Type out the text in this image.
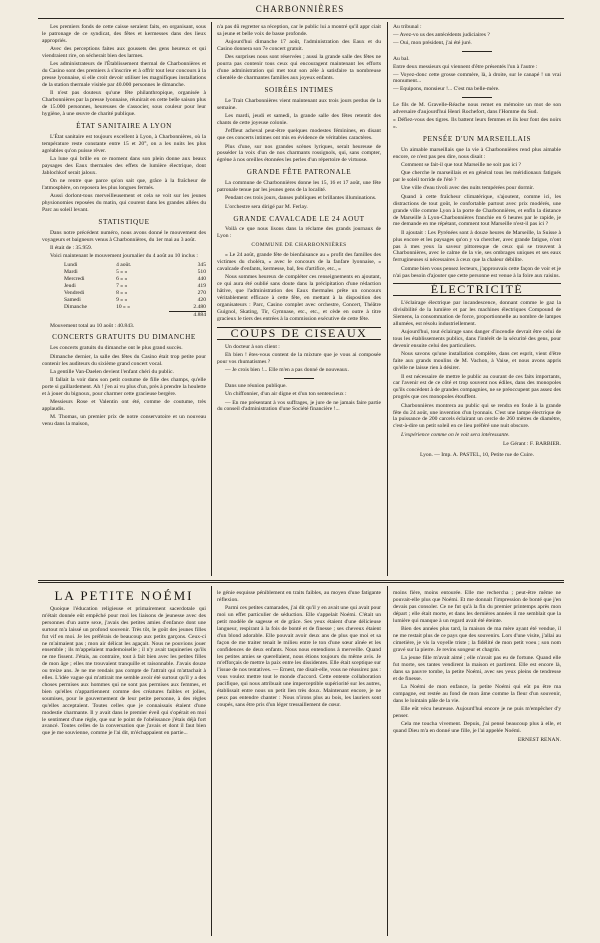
CHARBONNIÈRES

Les premiers fonds de cette caisse seraient faits, en organisant, sous le patronage de ce syndicat, des fêtes et kermesses dans des lieux appropriés.

Avec des perceptions faites aux goussets des gens heureux et qui viendraient rire, on sécherait bien des larmes.

Les administrateurs de l'Établissement thermal de Charbonnières et du Casino sont des premiers à s'inscrire et à offrir tout leur concours à la presse lyonnaise, si elle croit devoir utiliser les magnifiques installations de la station thermale visitée par 40.000 personnes le dimanche.

Il n'est pas douteux qu'une fête philanthropique, organisée à Charbonnières par la presse lyonnaise, réunirait en cette belle saison plus de 15.000 personnes, heureuses de s'associer, sous couleur pour leur hygiène, à une œuvre de charité publique.

ÉTAT SANITAIRE A LYON

L'État sanitaire est toujours excellent à Lyon, à Charbonnières, où la température reste constante entre 15 et 20°, on a les nuits les plus agréables qu'on puisse rêver.

La lune qui brille en ce moment dans son plein donne aux beaux paysages des Eaux thermales des effets de lumière électrique, dont Jablochkof serait jaloux.

On ne rentre que parce qu'on sait que, grâce à la fraîcheur de l'atmosphère, on reposera les plus longues fermés.

Aussi dorlont-tous merveilleusement et cela se voit sur les jeunes physionomies reposées du matin, qui courent dans les grandes allées du Parc au soleil levant.

STATISTIQUE

Dans notre précédent numéro, nous avons donné le mouvement des voyageurs et baigneurs venus à Charbonnières, du 1er mai au 3 août.

Il était de : 35.959.

Voici maintenant le mouvement journalier du 4 août au 10 inclus :

Lundi	4 août.	345
Mardi	5 » »	510
Mercredi	6 » »	440
Jeudi	7 » »	419
Vendredi	8 » »	270
Samedi	9 » »	420
Dimanche	10 » »	2.480
4.884

Mouvement total au 10 août : 40.843.

CONCERTS GRATUITS DU DIMANCHE

Les concerts gratuits du dimanche ont le plus grand succès.

Dimanche dernier, la salle des fêtes du Casino était trop petite pour contenir les auditeurs du sixième grand concert vocal.

La gentille Van-Daelen devient l'enfant chéri du public.

Il fallait la voir dans son petit costume de fille des champs, qu'elle porte si gaillardement. Ah ! j'en ai vu plus d'un, près à prendre la houlette et à jouer du bignoux, pour charmer cette gracieuse bergère.

Messieurs Rose et Valentin ont été, comme de coutume, très applaudis.

M. Thomas, un premier prix de notre conservatoire et un nouveau venu dans la maison,

n'a pas dû regretter sa réception, car le public lui a montré qu'il appr ciait sa jeune et belle voix de basse profonde.

Aujourd'hui dimanche 17 août, l'administration des Eaux et du Casino donnera son 7e concert gratuit.

Des surprises nous sont réservées ; aussi la grande salle des fêtes ne pourra pas contenir tous ceux qui encouragent maintenant les efforts d'une administration qui met tout son zèle à satisfaire ta nombreuse clientèle de charmantes familles aux joyeux enfants.

SOIRÉES INTIMES

Le Trait Charbonnières vient maintenant aux trois jours perdus de la semaine.

Les mardi, jeudi et samedi, la grande salle des fêtes retentit des chants de cette joyeuse colonie.

J'effleut acheval peut-être quelques modestes féminines, en disant que ces concerts intimes ont mis en évidence de véritables caractères.

Plus d'une, sur nos grandes scènes lyriques, serait heureuse de posséder la voix d'un de nos charmants rossignols, qui, sans compter, égrène à nos oreilles étonnées les perles d'un répertoire de virtuose.

GRANDE FÊTE PATRONALE

La commune de Charbonnières donne les 15, 16 et 17 août, une fête patronale tenue par les jeunes gens de la localité.

Pendant ces trois jours, danses publiques et brillantes illuminations.

L'orchestre sera dirigé par M. Ferlay.

GRANDE CAVALCADE LE 24 AOUT

Voilà ce que nous lisons dans la réclame des grands journaux de Lyon :

COMMUNE DE CHARBONNIÈRES

« Le 24 août, grande fête de bienfaisance au « profit des familles des victimes du choléra, « avec le concours de la fanfare lyonnaise, « cavalcade d'enfants, kermesse, bal, feu d'artifice, etc., »

Nous sommes heureux de compléter ces renseignements en ajoutant, ce qui aura été oublié sans doute dans la précipitation d'une rédaction hâtive, que l'administration des Eaux thermales prête un concours véritablement efficace à cette fête, en mettant à la disposition des organisateurs : Parc, Casino complet avec orchestre, Concert, Théâtre Guignol, Skating, Tir, Gymnase, etc., etc., et cède en outre à titre gracieux le tiers des entrées à la commission exécutive de cette fête.

COUPS DE CISEAUX

Un docteur à son client :

Eh bien ! êtes-vous content de la mixture que je vous ai composée pour vos rhumatismes ?

— Je crois bien !... Elle m'en a pas donné de nouveaux.

Dans une réunion publique.

Un chiffonnier, d'un air digne et d'un ton sentencieux :

— En me présentant à vos suffrages, je jure de ne jamais faire partie du conseil d'administration d'une Société financière !...

Au tribunal :

— Avez-vo us des antécédents judiciaires ?

— Oui, mon président, j'ai été juré.

Au bal.

Entre deux messieurs qui viennent d'être présentés l'un à l'autre :

— Voyez-donc cette grosse commère, là, à droite, sur le canapé ! un vrai monument...

— Equipons, monsieur !... C'est ma belle-mère.

Le fils de M. Gravelle-Réache nous remet en mémoire un mot de son adversaire d'aujourd'hui Henri Rochefort, dans l'Homme du Sud.

« Défiez-vous des tigres. Ils battent leurs femmes et ils leur font des noirs ».

PENSÉE D'UN MARSEILLAIS

Un aimable marseillais que la vie à Charbonnières rend plus aimable encore, ce n'est pas peu dire, nous disait :

Comment se fait-il que tout Marseille ne soit pas ici ?

Que cherche le marseillais et en général tous les méridionaux fatigués par le soleil torride de l'été ?

Une ville d'eau tivoli avec des nuits tempérées pour dormir.

Quand à cette fraîcheur climatérique, s'ajoutent, comme ici, les distractions de tout goût, le confortable partout avec prix modérés, une grande ville comme Lyon à la porte de Charbonnières, et enfin la distance de Marseille à Lyon-Charbonnières franchie en 6 heures par le rapide, je me demande en me répétant, comment tout Marseille n'est-il pas ici ?

Il ajoutait : Les Pyrénées sont à douze heures de Marseille, la Suisse à plus encore et les paysages qu'on y va chercher, avec grande fatigue, n'ont pas à mes yeux la saveur pittoresque de ceux qui se trouvent à Charbonnières, avec le calme de la vie, ses ombrages uniques et ses eaux ferrugineuses si nécessaires à ceux que la chaleur débilite.

Comme bien vous pensez lecteurs, j'approuvais cette façon de voir et je n'ai pas besoin d'ajouter que cette personne est venue à la foire aux raisins.

ÉLECTRICITÉ

L'éclairage électrique par incandescence, donnant comme le gaz la divisibilité de la lumière et par les machines électriques Compound de Siemens, la consommation de force, proportionnelle au nombre de lampes allumées, est résolu industriellement.

Aujourd'hui, tout éclairage sans danger d'incendie devrait être celui de tous les établissements publics, dans l'intérêt de la sécurité des gens, pour devenir ensuite celui des particuliers.

Nous savons qu'une installation complète, dans cet esprit, vient d'être faite aux grands moulins de M. Vachon, à Vaise, et nous avons appris qu'elle ne laisse rien à désirer.

Il est nécessaire de mettre le public au courant de ces faits importants, car l'avenir est de ce côté et trop souvent nos édiles, dans des monopoles qu'ils concèdent à de grandes compagnies, ne se préoccupent pas assez des progrès que ces monopoles étouffent.

Charbonnières montrera au public qui se rendra en foule à la grande fête du 24 août, une invention d'un lyonnais. C'est une lampe électrique de la puissance de 200 carcels éclairant un cercle de 260 mètres de diamètre, c'est-à-dire un petit soleil en ce lieu préféré une nuit obscure.

L'expérience comme on le voit sera intéressante.

Le Gérant : F. BARBIER.
Lyon. — Imp. A. PASTEL, 10, Petite rue de Cuire.
LA PETITE NOÉMI

Quoique l'éducation religieuse et primairement sacerdotale qui m'était donnée eût empêché pour moi les liaisons de jeunesse avec des personnes d'un autre sexe, j'avais des petites amies d'enfance dont une surtout m'a laissé un profond souvenir. Très tôt, le goût des jeunes filles fut vif en moi. Je les préférais de beaucoup aux petits garçons. Ceux-ci ne m'aimaient pas ; mon air délicat les agaçait. Nous ne pouvions jouer ensemble ; ils m'appelaient mademoiselle ; il n'y avait taquineries qu'ils ne me fissent. J'étais, au contraire, tout à fait bien avec les petites filles de mon âge ; elles me trouvaient tranquille et raisonnable. J'avais douze ou treize ans. Je ne me rendais pas compte de l'attrait qui m'attachait à elles. L'idée vague qui m'attirait me semble avoir été surtout qu'il y a des choses permises aux hommes qui ne sont pas permises aux femmes, et bien qu'elles n'appartiennent comme des créatures faibles et jolies, soumises, pour le gouvernement de leur petite personne, à des règles qu'elles acceptaient. Toutes celles que je connaissais étaient d'une modestie charmante. Il y avait dans le premier éveil qui s'opérait en moi le sentiment d'une règle, que sur le point de l'obéissance j'étais déjà fort avancé. Toutes celles de la conversation que j'avais et dont il faut bien que je me souvienne, comme je l'ai dit, m'échappaient en partie...

le génie esquisse péniblement en traits faibles, au moyen d'une fatigante réflexion.

Parmi ces petites camarades, j'ai dit qu'il y en avait une qui avait pour moi un effet particulier de séduction. Elle s'appelait Noémi. C'était un petit modèle de sagesse et de grâce. Ses yeux étaient d'une délicieuse langueur, respirant à la fois de bonté et de finesse ; ses cheveux étaient d'un blond adorable. Elle pouvait avoir deux ans de plus que moi et sa façon de me traiter tenait le milieu entre le ton d'une sœur aînée et les confidences de deux enfants. Nous nous entendions à merveille. Quand les petites amies se querellaient, nous étions toujours du même avis. Je m'efforçais de mettre la paix entre les dissidentes. Elle était sceptique sur l'issue de nos tentatives. — Ernest, me disait-elle, vous ne réussirez pas : vous voulez mettre tout le monde d'accord. Cette entente collaboration pacifique, qui nous attribuait une imperceptible supériorité sur les autres, établissait entre nous un petit lien très doux. Maintenant encore, je ne peux pas entendre chanter : Nous n'irons plus au bois, les lauriers sont coupés, sans être pris d'un léger tressaillement de cœur.

moins fière, moins entourée. Elle me rechercha ; peut-être même ne pouvait-elle plus que Noémi. Et me donnait l'impression de bonté que j'en devais pas consoler. Ce ne fut qu'à la fin du premier printemps après mon départ ; elle était morte, et dans les dernières années il me semblait que la lumière qui manque à un regard avait été éteinte.

Bien des années plus tard, la maison de ma mère ayant été vendue, il ne me restait plus de ce pays que des souvenirs. Lors d'une visite, j'allai au cimetière, je vis la voyelle triste ; la fidélité de mon petit voeu ; son nom gravé sur la pierre. Je revins songeur et chagrin.

La jeune fille m'avait aimé ; elle n'avait pas eu de fortune. Quand elle fut morte, ses tantes vendirent la maison et partirent. Elle est encore là, dans sa pauvre tombe, la petite Noémi, avec ses yeux pleins de tendresse et de finesse.

La Noémi de mon enfance, la petite Noémi qui eût pu être ma compagne, est restée au fond de mon âme comme la fleur d'un souvenir, dans le lointain pâle de la vie.

Elle eût vécu heureuse. Aujourd'hui encore je ne puis m'empêcher d'y penser.

Cela me toucha vivement. Depuis, j'ai pensé beaucoup plus à elle, et quand Dieu m'a en donné une fille, je l'ai appelée Noémi.

ERNEST RENAN.
